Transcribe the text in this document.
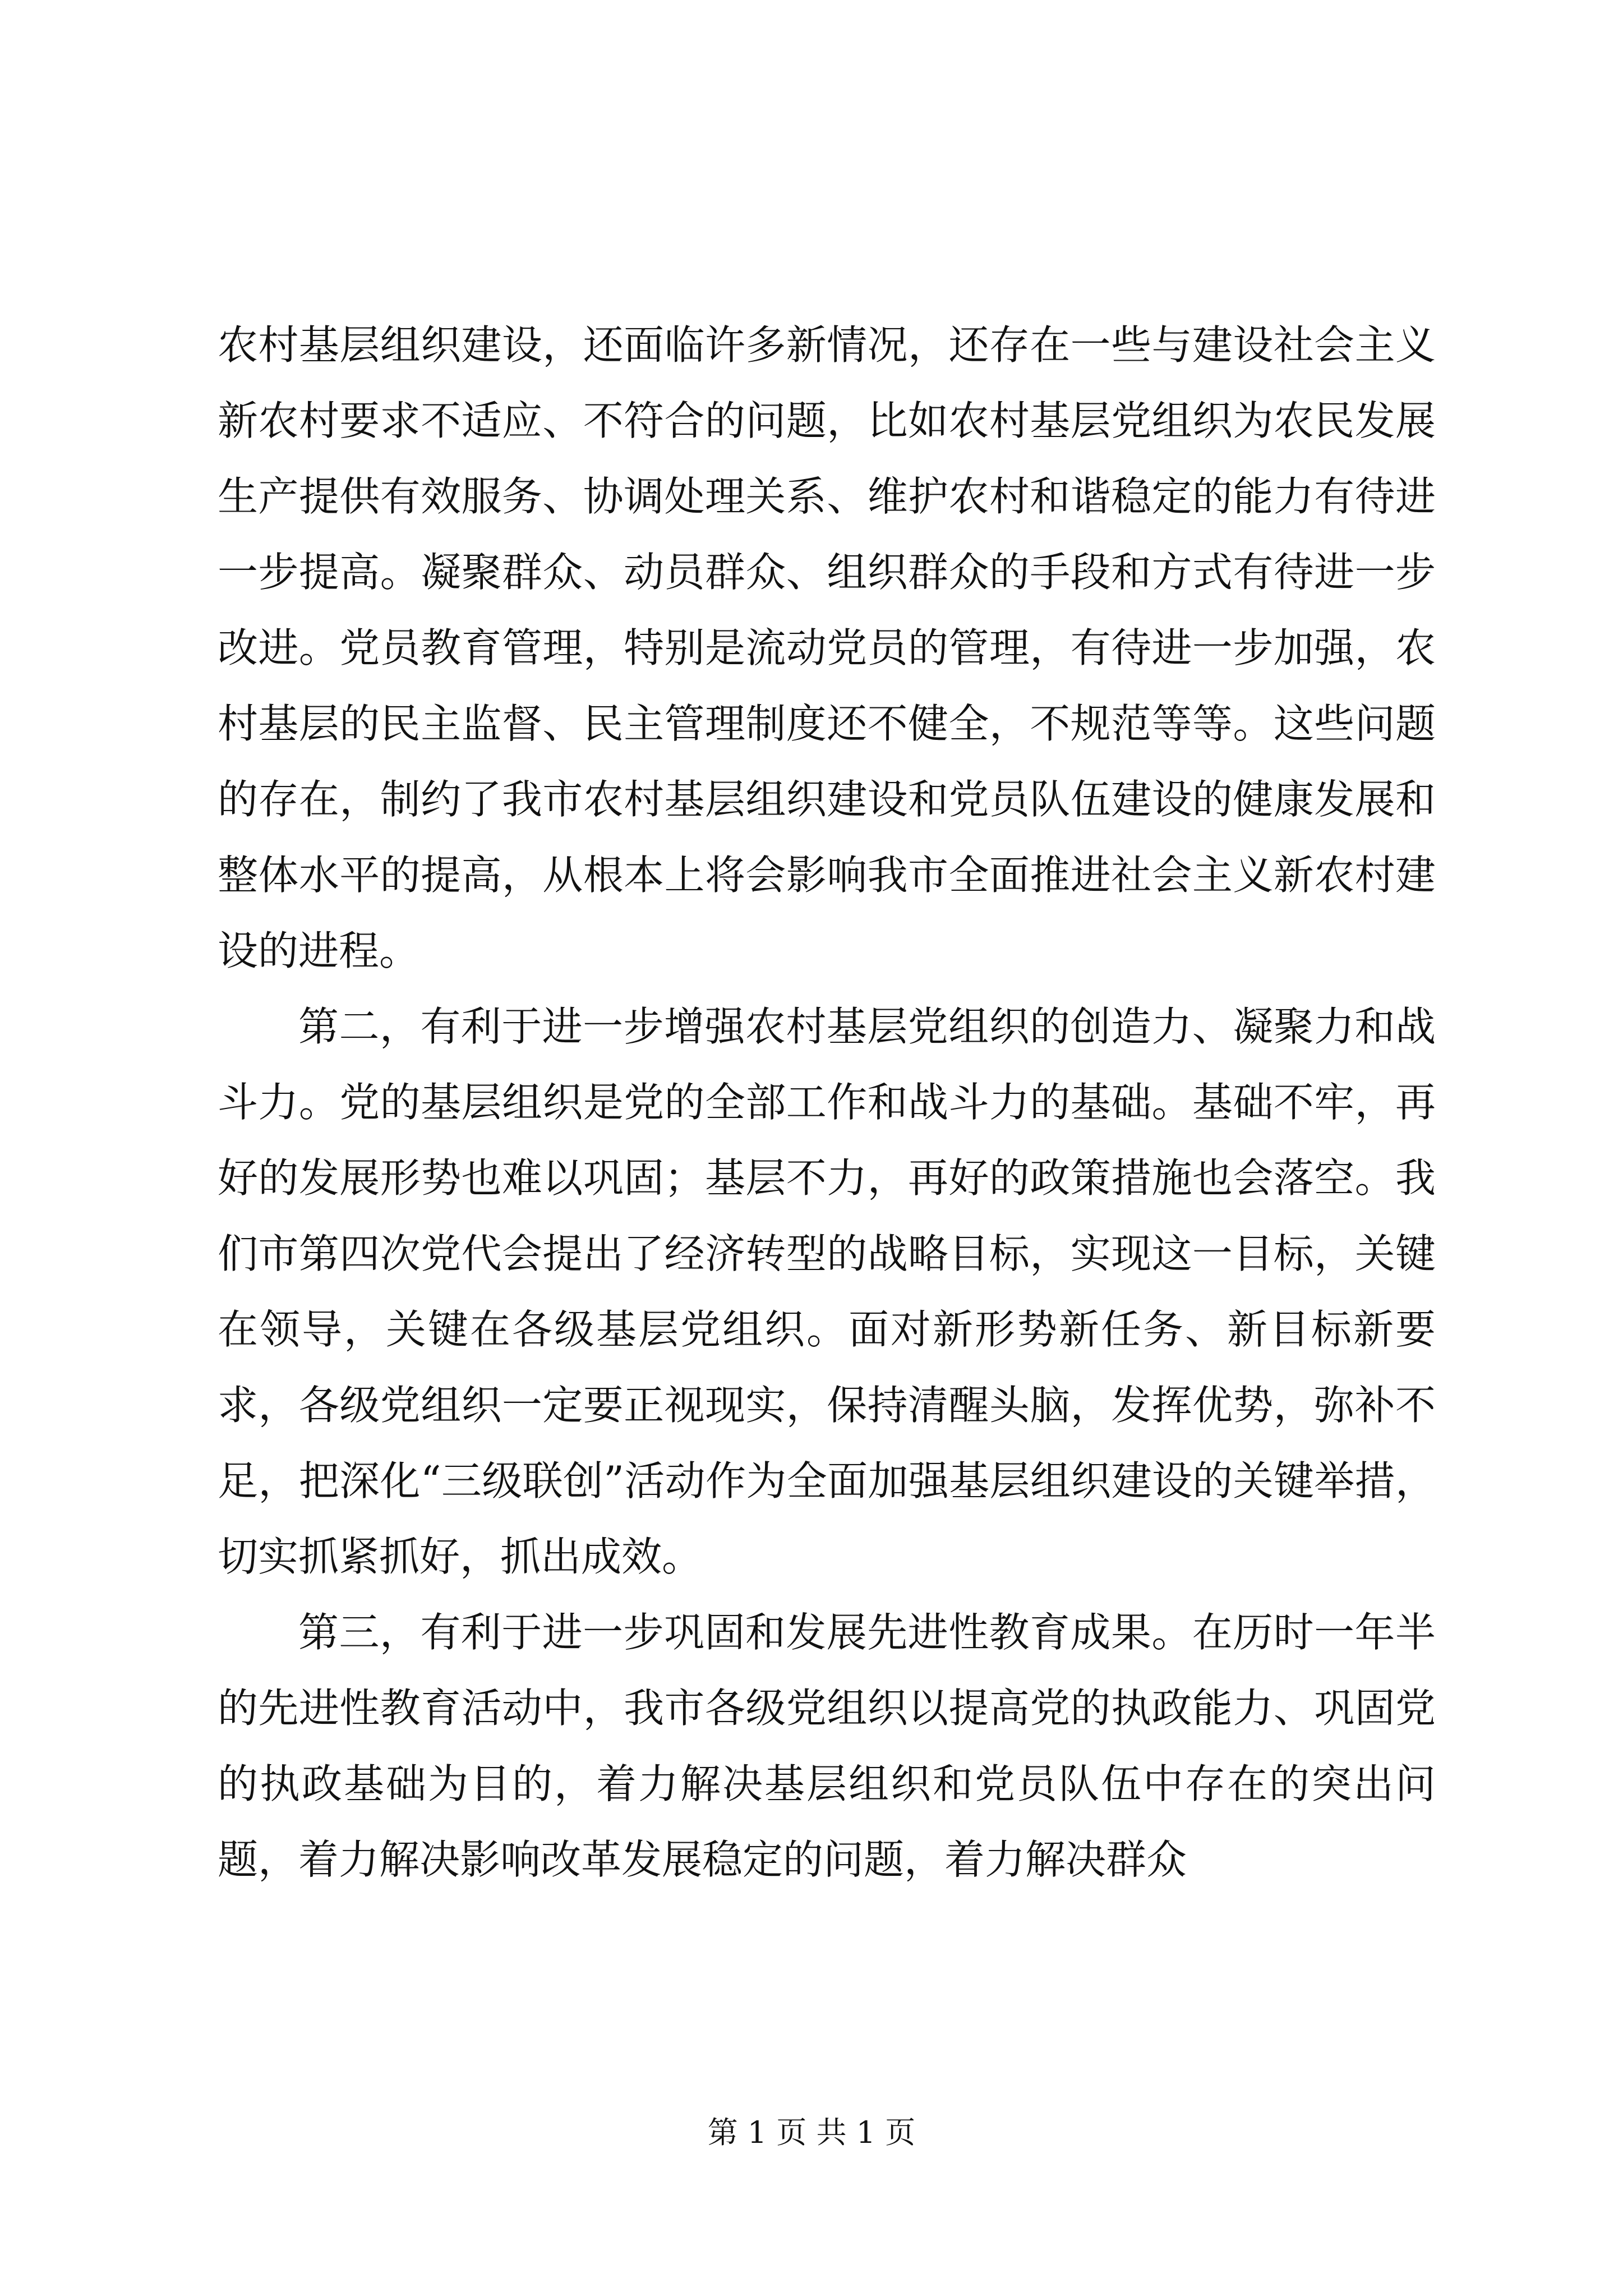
农村基层组织建设，还面临许多新情况，还存在一些与建设社会主义新农村要求不适应、不符合的问题，比如农村基层党组织为农民发展生产提供有效服务、协调处理关系、维护农村和谐稳定的能力有待进一步提高。凝聚群众、动员群众、组织群众的手段和方式有待进一步改进。党员教育管理，特别是流动党员的管理，有待进一步加强，农村基层的民主监督、民主管理制度还不健全，不规范等等。这些问题的存在，制约了我市农村基层组织建设和党员队伍建设的健康发展和整体水平的提高，从根本上将会影响我市全面推进社会主义新农村建设的进程。

第二，有利于进一步增强农村基层党组织的创造力、凝聚力和战斗力。党的基层组织是党的全部工作和战斗力的基础。基础不牢，再好的发展形势也难以巩固；基层不力，再好的政策措施也会落空。我们市第四次党代会提出了经济转型的战略目标，实现这一目标，关键在领导，关键在各级基层党组织。面对新形势新任务、新目标新要求，各级党组织一定要正视现实，保持清醒头脑，发挥优势，弥补不足，把深化“三级联创”活动作为全面加强基层组织建设的关键举措，切实抓紧抓好，抓出成效。

第三，有利于进一步巩固和发展先进性教育成果。在历时一年半的先进性教育活动中，我市各级党组织以提高党的执政能力、巩固党的执政基础为目的，着力解决基层组织和党员队伍中存在的突出问题，着力解决影响改革发展稳定的问题，着力解决群众

第 1 页 共 1 页
